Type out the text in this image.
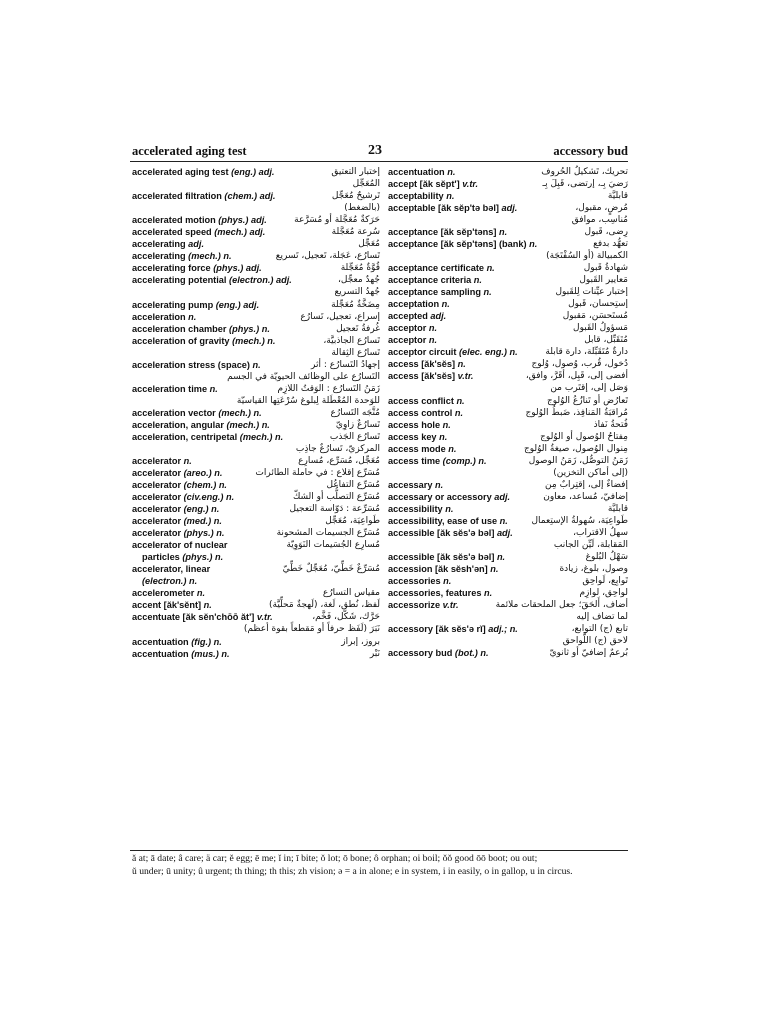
accelerated aging test	23	accessory bud
accelerated aging test (eng.) adj.	إختبار التعتيق
المُعَجِّل
accelerated filtration (chem.) adj.	تَرشيحٌ مُعَجِّل
(بالضغط)
accelerated motion (phys.) adj.	حَرَكةٌ مُعَجَّلة أو مُسَرَّعة
accelerated speed (mech.) adj.	سُرعة مُعَجَّلة
accelerating adj.	مُعَجِّل
accelerating (mech.) n.	تَسارُع، عَجَلة، تَعجيل، تَسريع
accelerating force (phys.) adj.	قُوَّةٌ مُعَجِّلة
accelerating potential (electron.) adj.	جُهدٌ معجِّل،
جُهدُ التسريع
accelerating pump (eng.) adj.	مِضَخَّةٌ مُعَجِّلة
acceleration n.	إسراع، تعجيل، تَسارُع
acceleration chamber (phys.) n.	غُرفةُ تَعجيل
acceleration of gravity (mech.) n.	تَسارُع الجاذبيَّة،
تَسارُع الثِقالة
acceleration stress (space) n.	إجهادُ التَسارُع : أثر
التَسارُع على الوظائف الحيويّة في الجسم
acceleration time n.	زَمَنُ التَسارُع : الوَقتُ اللازِم
للوَحدة المُعْطَلة لِبلوغ سُرْعَتِها القياسيّة
acceleration vector (mech.) n.	مُتَّجَه التَسارُع
acceleration, angular (mech.) n.	تَسارُعٌ زاوِيّ
acceleration, centripetal (mech.) n.	تَسارُع الجَذب
المركزيّ، تَسارُعٌ جاذِب
accelerator n.	مُعَجِّل، مُسَرِّع، مُسارِع
accelerator (areo.) n.	مُسَرِّع إقلاع : في حاملة الطائرات
accelerator (chem.) n.	مُسَرِّع التفاعُل
accelerator (civ.eng.) n.	مُسَرِّع التصلُّب أو الشكّ
accelerator (eng.) n.	مُسَرِّعة : دَوّاسة التعجيل
accelerator (med.) n.	طَواعِيَة، مُعَجِّل
accelerator (phys.) n.	مُسَرِّع الجسيمات المشحونة
accelerator of nuclear	مُسارِع الجُسَيمات النَوَوِيّة
particles (phys.) n.
accelerator, linear	مُسَرِّعٌ خَطِّيّ، مُعَجِّلٌ خَطِّيّ
(electron.) n.
accelerometer n.	مقياس التسارُع
accent [ăk'sĕnt] n.	لَفظ، نُطق، لَغة، (لَهجةٌ مَحلِّيَّة)
accentuate [ăk sĕn'chōō ăt'] v.tr.	حَرَّك، شَكَّل، فَخَّم،
نَبَرَ (لَفَظ حرفاً أو مَقطعاً بقوة أعظم)
accentuation (fig.) n.	بروز، إبراز
accentuation (mus.) n.	نَبْر
accentuation n.	تحريك، تَشكيلُ الحُروف
accept [ăk sĕpt'] v.tr.	رَضيَ بِـ، إرتضى، قَبِلَ بِـ
acceptability n.	قابليَّة
acceptable [ăk sĕp'tə bəl] adj.	مُرضٍ، مقبول،
مُناسِب، موافق
acceptance [ăk sĕp'təns] n.	رِضى، قَبول
acceptance [ăk sĕp'təns] (bank) n.	تعهُّد بدفع
الكمبيالة (أو السُفْتَجَة)
acceptance certificate n.	شهادةُ قَبول
acceptance criteria n.	مَعايير القَبول
acceptance sampling n.	إختبار عيِّنات لِلقَبول
acceptation n.	إستِحسان، قَبول
accepted adj.	مُستَحسَن، مَقبول
acceptor n.	مَسؤولُ القَبول
acceptor n.	مُتَقَبِّل، قابل
acceptor circuit (elec. eng.) n.	دارةٌ مُتَقَبِّلة، دارة قابلة
access [ăk'sĕs] n.	دُخول، قُرب، وُصول، وُلوج
access [ăk'sĕs] v.tr.	أفضى إلى، قَبِل، أقَرَّ، وافق،
وَصَل إلى، إقتَرب من
access conflict n.	تَعارُض أو تَنازُعُ الوُلوج
access control n.	مُراقبَةُ المَنافِذ، ضَبطُ الوُلوج
access hole n.	فُتحةُ نَفاذ
access key n.	مِفتاحُ الوُصول أو الوُلوج
access mode n.	مِنوال الوُصول، صيغةُ الوُلوج
access time (comp.) n.	زَمَنُ التوصُّل، زَمَنُ الوصول
(إلى أماكن التخزين)
accessary n.	إفضاءٌ إلى، إقتِرابٌ مِن
accessary or accessory adj.	إضافيّ، مُساعد، معاون
accessibility n.	قابليَّة
accessibility, ease of use n.	طَواعِيَة، سُهولةُ الإستِعمال
accessible [ăk sĕs'ə bəl] adj.	سهلُ الاقتراب،
المَقابلة، لَيِّن الجانب
accessible [ăk sĕs'ə bəl] n.	سَهْلُ البُلوغ
accession [ăk sĕsh'ən] n.	وصول، بلوغ، زيادة
accessories n.	تَوابِع، لَواحِق
accessories, features n.	لواحِق، لوازِم
accessorize v.tr.	أضاف، أَلحَقَ؛ جعل الملحقات ملائمة
لما تضاف إليه
accessory [ăk sĕs'ə rĭ] adj.; n.	تابع (ج) التوابع،
لاحق (ج) اللَّواحق
accessory bud (bot.) n.	بُرعمٌ إضافيّ أو ثانويّ
ă at; ā date; â care; ä car; ĕ egg; ē me; ĭ in; ī bite; ŏ lot; ō bone; ô orphan; oi boil; ŏŏ good ōō boot; ou out;
ŭ under; ū unity; û urgent; th thing; th this; zh vision; ə = a in alone; e in system, i in easily, o in gallop, u in circus.
